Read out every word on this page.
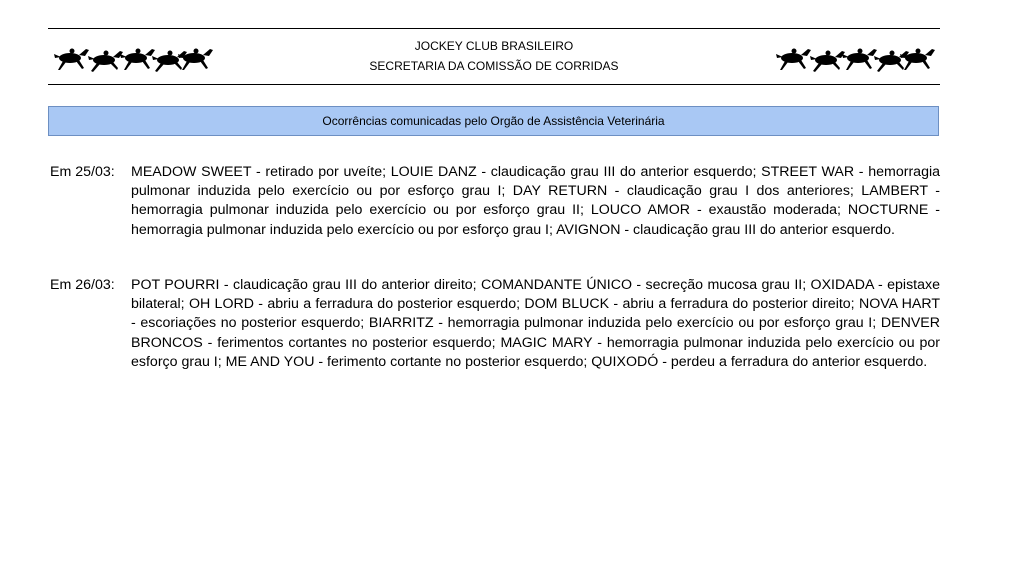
JOCKEY CLUB BRASILEIRO
SECRETARIA DA COMISSÃO DE CORRIDAS
Ocorrências comunicadas pelo Orgão de Assistência Veterinária
Em 25/03:	MEADOW SWEET - retirado por uveíte; LOUIE DANZ - claudicação grau III do anterior esquerdo; STREET WAR - hemorragia pulmonar induzida pelo exercício ou por esforço grau I; DAY RETURN - claudicação grau I dos anteriores; LAMBERT - hemorragia pulmonar induzida pelo exercício ou por esforço grau II; LOUCO AMOR - exaustão moderada; NOCTURNE - hemorragia pulmonar induzida pelo exercício ou por esforço grau I; AVIGNON - claudicação grau III do anterior esquerdo.
Em 26/03:	POT POURRI - claudicação grau III do anterior direito; COMANDANTE ÚNICO - secreção mucosa grau II; OXIDADA - epistaxe bilateral; OH LORD - abriu a ferradura do posterior esquerdo; DOM BLUCK - abriu a ferradura do posterior direito; NOVA HART - escoriações no posterior esquerdo; BIARRITZ - hemorragia pulmonar induzida pelo exercício ou por esforço grau I; DENVER BRONCOS - ferimentos cortantes no posterior esquerdo; MAGIC MARY - hemorragia pulmonar induzida pelo exercício ou por esforço grau I; ME AND YOU - ferimento cortante no posterior esquerdo; QUIXODÓ - perdeu a ferradura do anterior esquerdo.
